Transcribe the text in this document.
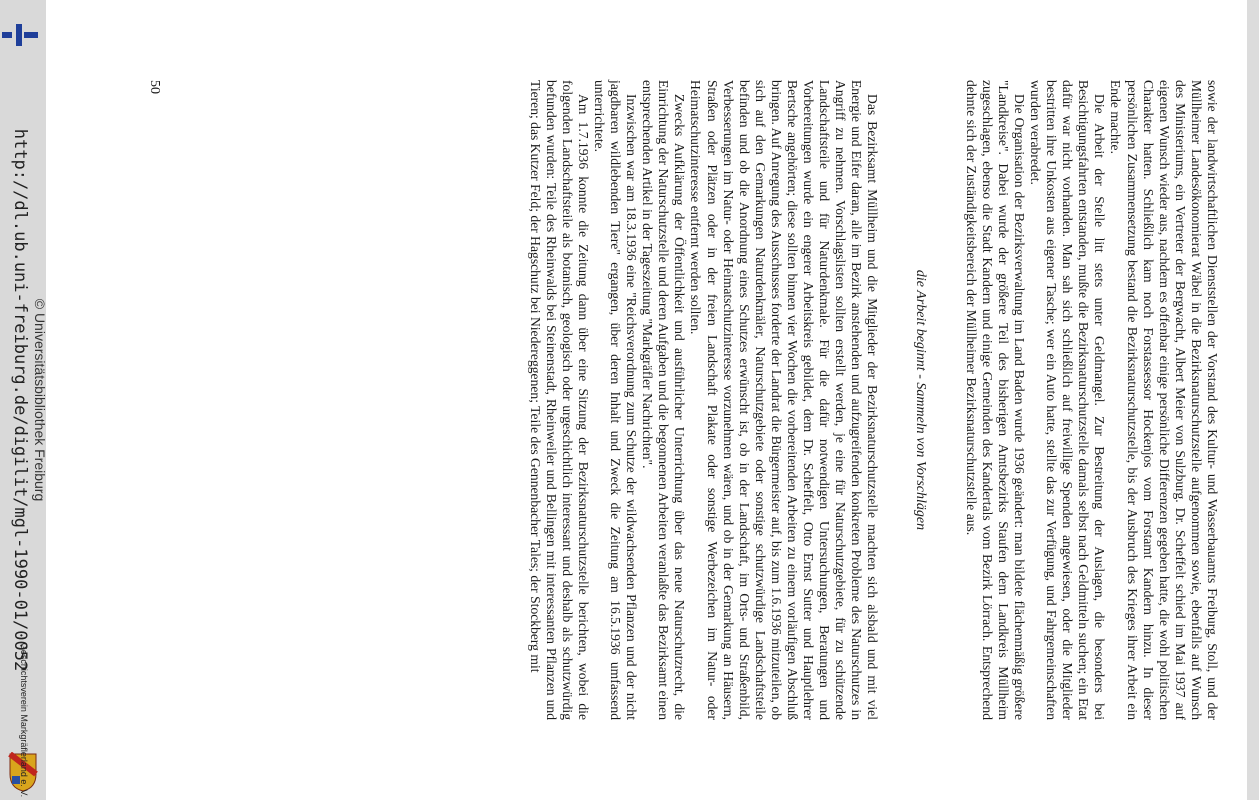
http://dl.ub.uni-freiburg.de/digilit/mgl-1990-01/0052 © Universitätsbibliothek Freiburg
Geschichtsverein Markgräflerland e. V.	sowie der landwirtschaftlichen Dienststellen der Vorstand des Kultur- und Wasserbauamts Freiburg, Stoll, und der Müllheimer Landesökonomierat Wäbel in die Bezirksnaturschutzstelle aufgenommen sowie, ebenfalls auf Wunsch des Ministeriums, ein Vertreter der Bergwacht, Albert Meier von Sulzburg. Dr. Scheffelt schied im Mai 1937 auf eigenen Wunsch wieder aus, nachdem es offenbar einige persönliche Differenzen gegeben hatte, die wohl politischen Charakter hatten. Schließlich kam noch Forstassessor Hockenjos vom Forstamt Kandern hinzu. In dieser persönlichen Zusammensetzung bestand die Bezirksnaturschutzstelle, bis der Ausbruch des Krieges ihrer Arbeit ein Ende machte.

Die Arbeit der Stelle litt stets unter Geldmangel. Zur Bestreitung der Auslagen, die besonders bei Besichtigungsfahrten entstanden, mußte die Bezirksnaturschutzstelle damals selbst nach Geldmitteln suchen; ein Etat dafür war nicht vorhanden. Man sah sich schließlich auf freiwillige Spenden angewiesen, oder die Mitglieder bestritten ihre Unkosten aus eigener Tasche; wer ein Auto hatte, stellte das zur Verfügung, und Fahrgemeinschaften wurden verabredet.

Die Organisation der Bezirksverwaltung im Land Baden wurde 1936 geändert: man bildete flächenmäßig größere "Landkreise". Dabei wurde der größere Teil des bisherigen Amtsbezirks Staufen dem Landkreis Müllheim zugeschlagen, ebenso die Stadt Kandern und einige Gemeinden des Kandertals vom Bezirk Lörrach. Entsprechend dehnte sich der Zuständigkeitsbereich der Müllheimer Bezirksnaturschutzstelle aus.

die Arbeit beginnt - Sammeln von Vorschlägen

Das Bezirksamt Müllheim und die Mitglieder der Bezirksnaturschutzstelle machten sich alsbald und mit viel Energie und Eifer daran, alle im Bezirk anstehenden und aufzugreifenden konkreten Probleme des Naturschutzes in Angriff zu nehmen. Vorschlagslisten sollten erstellt werden, je eine für Naturschutzgebiete, für zu schützende Landschaftsteile und für Naturdenkmale. Für die dafür notwendigen Untersuchungen, Beratungen und Vorbereitungen wurde ein engerer Arbeitskreis gebildet, dem Dr. Scheffelt, Otto Ernst Sutter und Hauptlehrer Bertsche angehörten; diese sollten binnen vier Wochen die vorbereitenden Arbeiten zu einem vorläufigen Abschluß bringen. Auf Anregung des Ausschusses forderte der Landrat die Bürgermeister auf, bis zum 1.6.1936 mitzuteilen, ob sich auf den Gemarkungen Naturdenkmäler, Naturschutzgebiete oder sonstige schutzwürdige Landschaftsteile befinden und ob die Anordnung eines Schutzes erwünscht ist, ob in der Landschaft, im Orts- und Straßenbild, Verbesserungen im Natur- oder Heimatschutzinteresse vorzunehmen wären, und ob in der Gemarkung an Häusern, Straßen oder Plätzen oder in der freien Landschaft Plakate oder sonstige Werbezeichen im Natur- oder Heimatschutzinteresse entfernt werden sollten.

Zwecks Aufklärung der Öffentlichkeit und ausführlicher Unterrichtung über das neue Naturschutzrecht, die Einrichtung der Naturschutzstelle und deren Aufgaben und die begonnenen Arbeiten veranlaßte das Bezirksamt einen entsprechenden Artikel in der Tageszeitung "Markgräfler Nachrichten".

Inzwischen war am 18.3.1936 eine "Reichsverordnung zum Schutze der wildwachsenden Pflanzen und der nicht jagdbaren wildlebenden Tiere" ergangen, über deren Inhalt und Zweck die Zeitung am 16.5.1936 umfassend unterrichtete.

Am 1.7.1936 konnte die Zeitung dann über eine Sitzung der Bezirksnaturschutzstelle berichten, wobei die folgenden Landschaftsteile als botanisch, geologisch oder urgeschichtlich interessant und deshalb als schutzwürdig befunden wurden: Teile des Rheinwalds bei Steinenstadt, Rheinweiler und Bellingen mit interessanten Pflanzen und Tieren; das Kutzer Feld; der Hagschutz bei Niedereggenen; Teile des Gennenbacher Tales; der Stockberg mit

50
